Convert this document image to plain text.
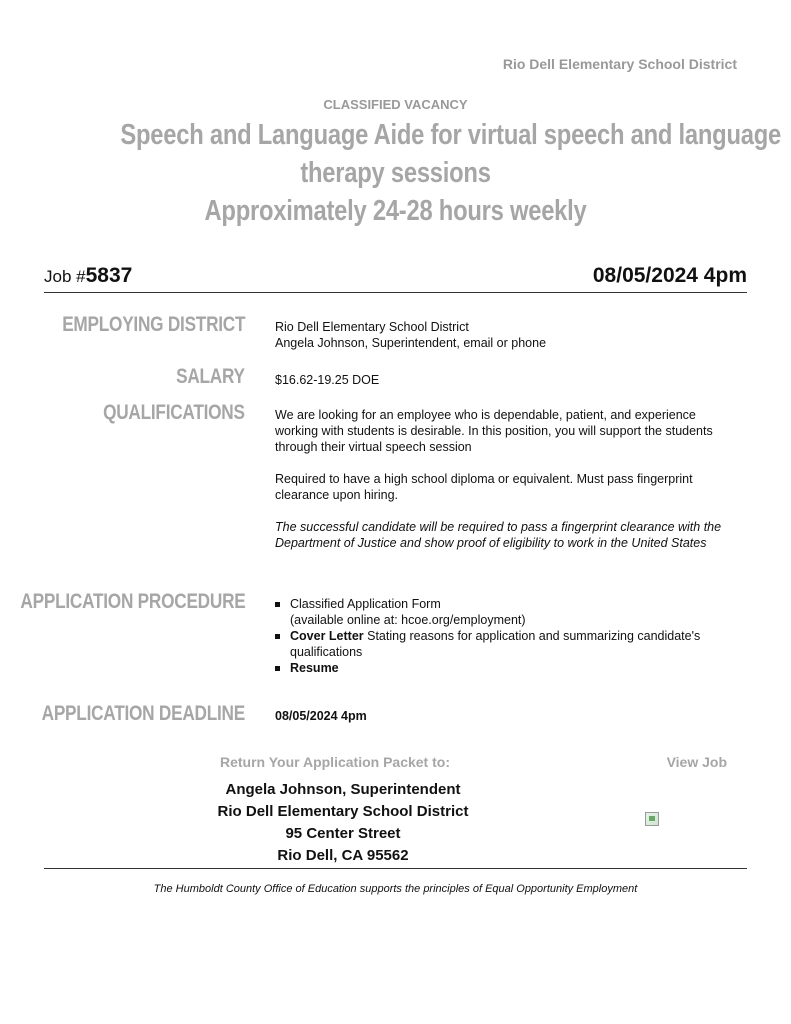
Rio Dell Elementary School District
CLASSIFIED VACANCY
Speech and Language Aide for virtual speech and language
therapy sessions
Approximately 24-28 hours weekly
Job #5837	08/05/2024 4pm
EMPLOYING DISTRICT Rio Dell Elementary School District
Angela Johnson, Superintendent, email or phone
SALARY $16.62-19.25 DOE
QUALIFICATIONS We are looking for an employee who is dependable, patient, and experience working with students is desirable. In this position, you will support the students through their virtual speech session

Required to have a high school diploma or equivalent. Must pass fingerprint clearance upon hiring.

The successful candidate will be required to pass a fingerprint clearance with the Department of Justice and show proof of eligibility to work in the United States

APPLICATION PROCEDURE	Classified Application Form
(available online at: hcoe.org/employment)
Cover Letter Stating reasons for application and summarizing candidate's qualifications
Resume
APPLICATION DEADLINE 08/05/2024 4pm
Return Your Application Packet to:	View Job
Angela Johnson, Superintendent
Rio Dell Elementary School District
95 Center Street
Rio Dell, CA 95562
The Humboldt County Office of Education supports the principles of Equal Opportunity Employment
